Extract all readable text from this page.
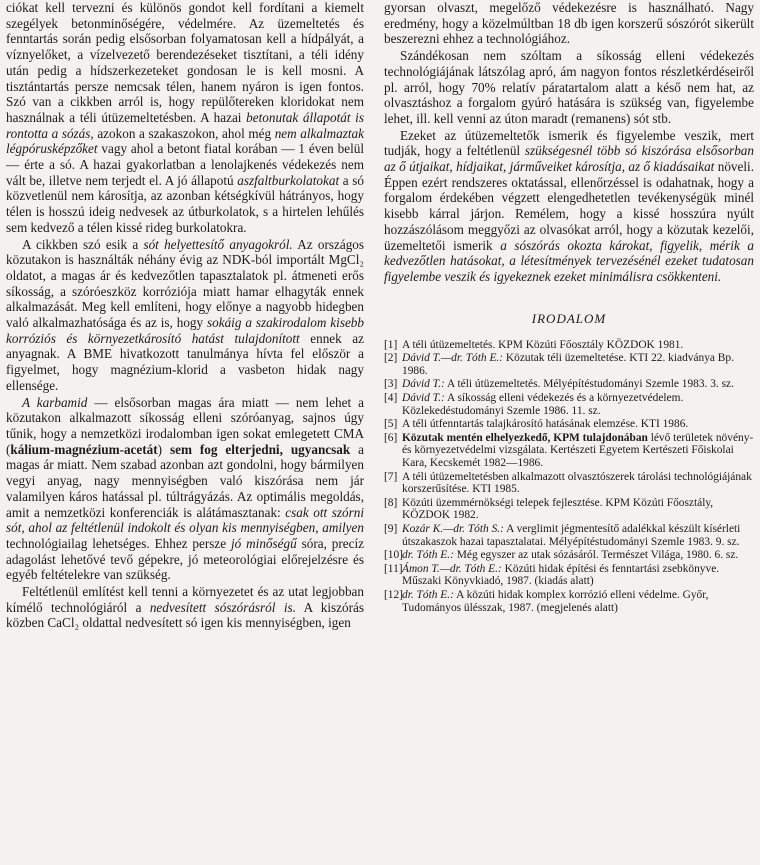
ciókat kell tervezni és különös gondot kell fordítani a kiemelt szegélyek betonminőségére, védelmére. Az üzemeltetés és fenntartás során pedig elsősorban folyamatosan kell a hídpályát, a víznyelőket, a vízelvezető berendezéseket tisztítani, a téli idény után pedig a hídszerkezeteket gondosan le is kell mosni. A tisztántartás persze nemcsak télen, hanem nyáron is igen fontos. Szó van a cikkben arról is, hogy repülőtereken kloridokat nem használnak a téli útüzemeltetésben. A hazai betonutak állapotát is rontotta a sózás, azokon a szakaszokon, ahol még nem alkalmaztak légpórusképzőket vagy ahol a betont fiatal korában — 1 éven belül — érte a só. A hazai gyakorlatban a lenolajkenés védekezés nem vált be, illetve nem terjedt el. A jó állapotú aszfaltburkolatokat a só közvetlenül nem károsítja, az azonban kétségkívül hátrányos, hogy télen is hosszú ideig nedvesek az útburkolatok, s a hirtelen lehűlés sem kedvező a télen kissé rideg burkolatokra.

A cikkben szó esik a sót helyettesítő anyagokról. Az országos közutakon is használták néhány évig az NDK-ból importált MgCl₂ oldatot, a magas ár és kedvezőtlen tapasztalatok pl. átmeneti erős síkosság, a szóróeszköz korróziója miatt hamar elhagyták ennek alkalmazását. Meg kell említeni, hogy előnye a nagyobb hidegben való alkalmazhatósága és az is, hogy sokáig a szakirodalom kisebb korróziós és környezetkárosító hatást tulajdonított ennek az anyagnak. A BME hivatkozott tanulmánya hívta fel először a figyelmet, hogy magnézium-klorid a vasbeton hidak nagy ellensége.

A karbamid — elsősorban magas ára miatt — nem lehet a közutakon alkalmazott síkosság elleni szóróanyag, sajnos úgy tűnik, hogy a nemzetközi irodalomban igen sokat emlegetett CMA (kálium-magnézium-acetát) sem fog elterjedni, ugyancsak a magas ár miatt. Nem szabad azonban azt gondolni, hogy bármilyen vegyi anyag, nagy mennyiségben való kiszórása nem jár valamilyen káros hatással pl. túltrágyázás. Az optimális megoldás, amit a nemzetközi konferenciák is alátámasztanak: csak ott szórni sót, ahol az feltétlenül indokolt és olyan kis mennyiségben, amilyen technológiailag lehetséges. Ehhez persze jó minőségű sóra, precíz adagolást lehetővé tevő gépekre, jó meteorológiai előrejelzésre és egyéb feltételekre van szükség.

Feltétlenül említést kell tenni a környezetet és az utat legjobban kímélő technológiáról a nedvesített sószórásról is. A kiszórás közben CaCl₂ oldattal nedvesített só igen kis mennyiségben, igen

gyorsan olvaszt, megelőző védekezésre is használható. Nagy eredmény, hogy a közelmúltban 18 db igen korszerű sószórót sikerült beszerezni ehhez a technológiához.

Szándékosan nem szóltam a síkosság elleni védekezés technológiájának látszólag apró, ám nagyon fontos részletkérdéseiről pl. arról, hogy 70% relatív páratartalom alatt a késő nem hat, az olvasztáshoz a forgalom gyúró hatására is szükség van, figyelembe lehet, ill. kell venni az úton maradt (remanens) sót stb.

Ezeket az útüzemeltetők ismerik és figyelembe veszik, mert tudják, hogy a feltétlenül szükségesnél több só kiszórása elsősorban az ő útjaikat, hídjaikat, járműveiket károsítja, az ő kiadásaikat növeli. Éppen ezért rendszeres oktatással, ellenőrzéssel is odahatnak, hogy a forgalom érdekében végzett elengedhetetlen tevékenységük minél kisebb kárral járjon. Remélem, hogy a kissé hosszúra nyúlt hozzászólásom meggyőzi az olvasókat arról, hogy a közutak kezelői, üzemeltetői ismerik a sószórás okozta károkat, figyelik, mérik a kedvezőtlen hatásokat, a létesítmények tervezésénél ezeket tudatosan figyelembe veszik és igyekeznek ezeket minimálisra csökkenteni.

IRODALOM
[1] A téli útüzemeltetés. KPM Közúti Főosztály KÖZDOK 1981.
[2] Dávid T.—dr. Tóth E.: Közutak téli üzemeltetése. KTI 22. kiadványa Bp. 1986.
[3] Dávid T.: A téli útüzemeltetés. Mélyépítéstudományi Szemle 1983. 3. sz.
[4] Dávid T.: A síkosság elleni védekezés és a környezetvédelem. Közlekedéstudományi Szemle 1986. 11. sz.
[5] A téli útfenntartás talajkárosító hatásának elemzése. KTI 1986.
[6] Közutak mentén elhelyezkedő, KPM tulajdonában lévő területek növény- és környezetvédelmi vizsgálata. Kertészeti Egyetem Kertészeti Főiskolai Kara, Kecskemét 1982—1986.
[7] A téli útüzemeltetésben alkalmazott olvasztószerek tárolási technológiájának korszerűsítése. KTI 1985.
[8] Közúti üzemmérnökségi telepek fejlesztése. KPM Közúti Főosztály, KÖZDOK 1982.
[9] Kozár K.—dr. Tóth S.: A verglimit jégmentesítő adalékkal készült kísérleti útszakaszok hazai tapasztalatai. Mélyépítéstudományi Szemle 1983. 9. sz.
[10]dr. Tóth E.: Még egyszer az utak sózásáról. Természet Világa, 1980. 6. sz.
[11]Ámon T.—dr. Tóth E.: Közúti hidak építési és fenntartási zsebkönyve. Műszaki Könyvkiadó, 1987. (kiadás alatt)
[12]dr. Tóth E.: A közúti hidak komplex korrózió elleni védelme. Győr, Tudományos ülésszak, 1987. (megjelenés alatt)
